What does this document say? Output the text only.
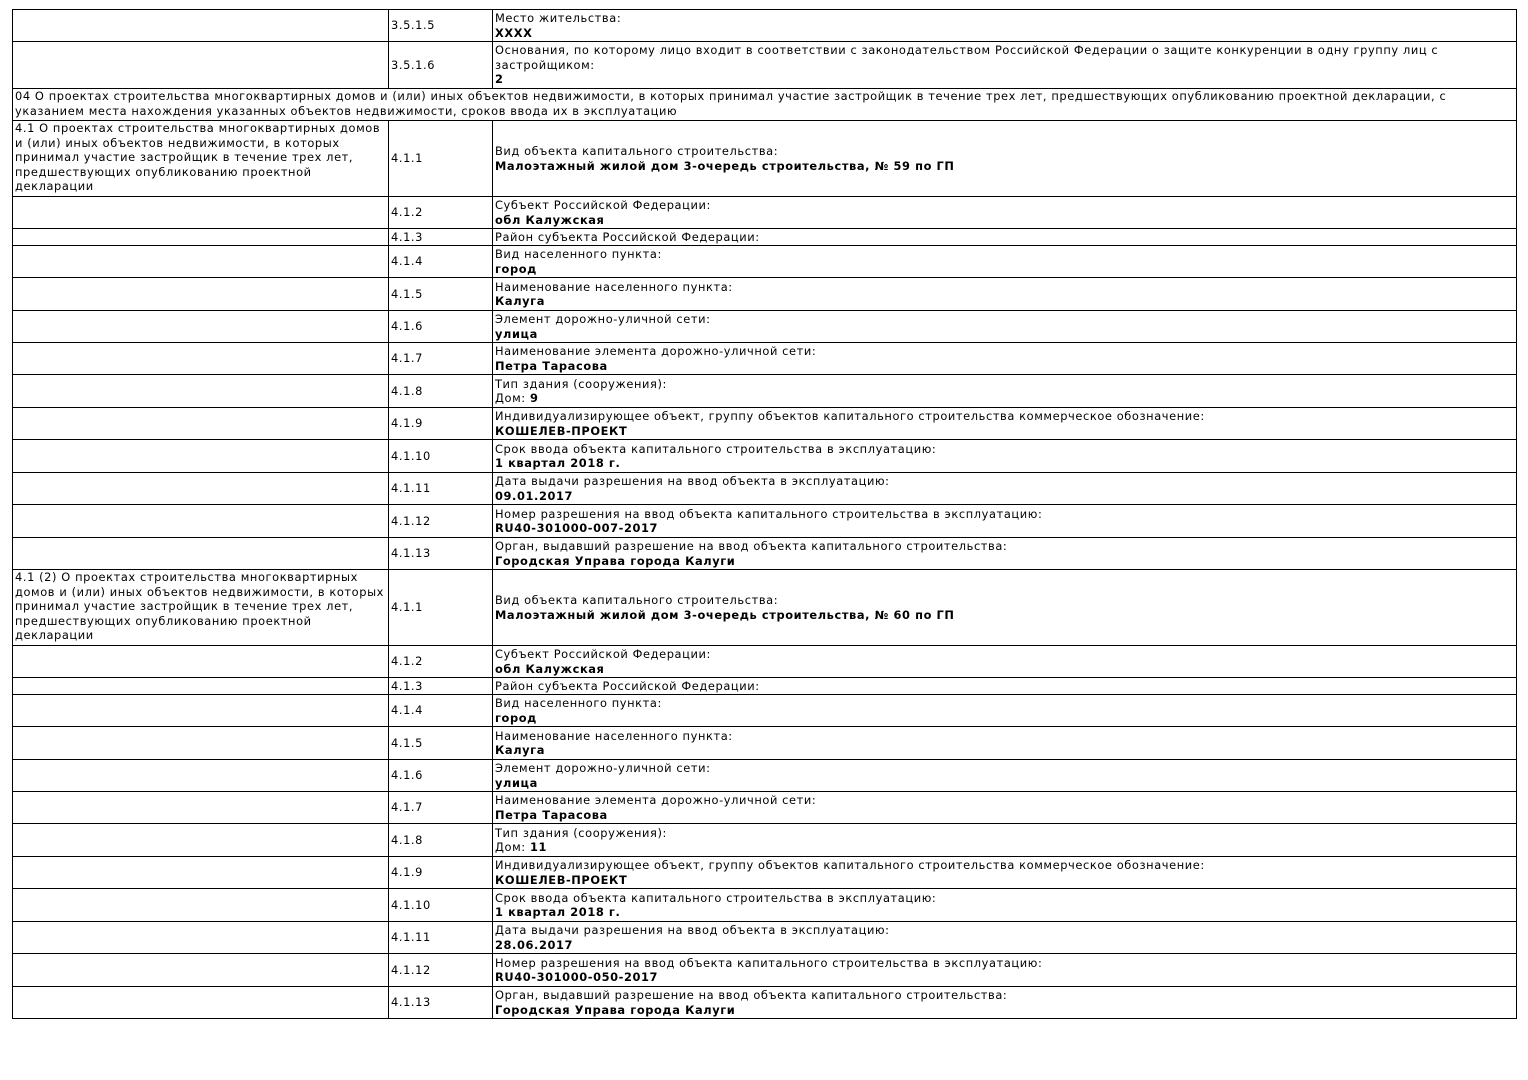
	3.5.1.5	Место жительства:
XXXX

	3.5.1.6	Основания, по которому лицо входит в соответствии с законодательством Российской Федерации о защите конкуренции в одну группу лиц с застройщиком:
2

04 О проектах строительства многоквартирных домов и (или) иных объектов недвижимости, в которых принимал участие застройщик в течение трех лет, предшествующих опубликованию проектной декларации, с указанием места нахождения указанных объектов недвижимости, сроков ввода их в эксплуатацию		
4.1 О проектах строительства многоквартирных домов и (или) иных объектов недвижимости, в которых принимал участие застройщик в течение трех лет, предшествующих опубликованию проектной декларации	4.1.1	Вид объекта капитального строительства:
Малоэтажный жилой дом 3-очередь строительства, № 59 по ГП

	4.1.2	Субъект Российской Федерации:
обл Калужская

	4.1.3	Район субъекта Российской Федерации:

	4.1.4	Вид населенного пункта:
город

	4.1.5	Наименование населенного пункта:
Калуга

	4.1.6	Элемент дорожно-уличной сети:
улица

	4.1.7	Наименование элемента дорожно-уличной сети:
Петра Тарасова

	4.1.8	Тип здания (сооружения):
Дом: 9

	4.1.9	Индивидуализирующее объект, группу объектов капитального строительства коммерческое обозначение:
КОШЕЛЕВ-ПРОЕКТ

	4.1.10	Срок ввода объекта капитального строительства в эксплуатацию:
1 квартал 2018 г.

	4.1.11	Дата выдачи разрешения на ввод объекта в эксплуатацию:
09.01.2017

	4.1.12	Номер разрешения на ввод объекта капитального строительства в эксплуатацию:
RU40-301000-007-2017

	4.1.13	Орган, выдавший разрешение на ввод объекта капитального строительства:
Городская Управа города Калуги

4.1 (2) О проектах строительства многоквартирных домов и (или) иных объектов недвижимости, в которых принимал участие застройщик в течение трех лет, предшествующих опубликованию проектной декларации	4.1.1	Вид объекта капитального строительства:
Малоэтажный жилой дом 3-очередь строительства, № 60 по ГП

	4.1.2	Субъект Российской Федерации:
обл Калужская

	4.1.3	Район субъекта Российской Федерации:

	4.1.4	Вид населенного пункта:
город

	4.1.5	Наименование населенного пункта:
Калуга

	4.1.6	Элемент дорожно-уличной сети:
улица

	4.1.7	Наименование элемента дорожно-уличной сети:
Петра Тарасова

	4.1.8	Тип здания (сооружения):
Дом: 11

	4.1.9	Индивидуализирующее объект, группу объектов капитального строительства коммерческое обозначение:
КОШЕЛЕВ-ПРОЕКТ

	4.1.10	Срок ввода объекта капитального строительства в эксплуатацию:
1 квартал 2018 г.

	4.1.11	Дата выдачи разрешения на ввод объекта в эксплуатацию:
28.06.2017

	4.1.12	Номер разрешения на ввод объекта капитального строительства в эксплуатацию:
RU40-301000-050-2017

	4.1.13	Орган, выдавший разрешение на ввод объекта капитального строительства:
Городская Управа города Калуги
